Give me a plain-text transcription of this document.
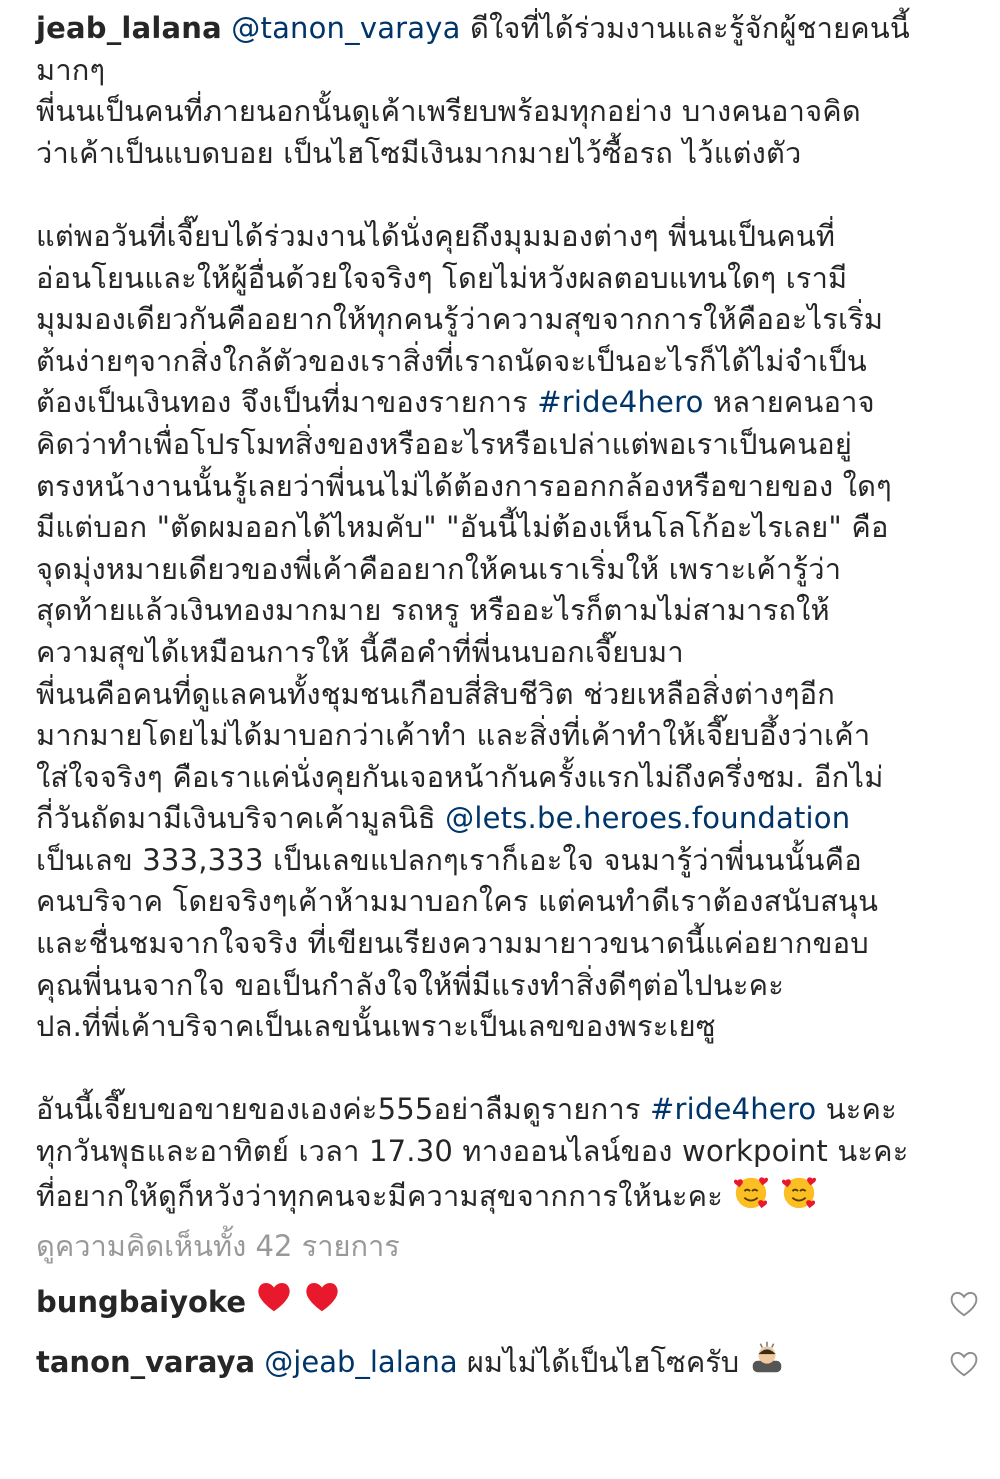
jeab_lalana @tanon_varaya ดีใจที่ได้ร่วมงานและรู้จักผู้ชายคนนี้
มากๆ
พี่นนเป็นคนที่ภายนอกนั้นดูเค้าเพรียบพร้อมทุกอย่าง บางคนอาจคิด
ว่าเค้าเป็นแบดบอย เป็นไฮโซมีเงินมากมายไว้ซื้อรถ ไว้แต่งตัว
แต่พอวันที่เจี๊ยบได้ร่วมงานได้นั่งคุยถึงมุมมองต่างๆ พี่นนเป็นคนที่
อ่อนโยนและให้ผู้อื่นด้วยใจจริงๆ โดยไม่หวังผลตอบแทนใดๆ เรามี
มุมมองเดียวกันคืออยากให้ทุกคนรู้ว่าความสุขจากการให้คืออะไรเริ่ม
ต้นง่ายๆจากสิ่งใกล้ตัวของเราสิ่งที่เราถนัดจะเป็นอะไรก็ได้ไม่จำเป็น
ต้องเป็นเงินทอง จึงเป็นที่มาของรายการ #ride4hero หลายคนอาจ
คิดว่าทำเพื่อโปรโมทสิ่งของหรืออะไรหรือเปล่าแต่พอเราเป็นคนอยู่
ตรงหน้างานนั้นรู้เลยว่าพี่นนไม่ได้ต้องการออกกล้องหรือขายของ ใดๆ
มีแต่บอก "ตัดผมออกได้ไหมคับ" "อันนี้ไม่ต้องเห็นโลโก้อะไรเลย" คือ
จุดมุ่งหมายเดียวของพี่เค้าคืออยากให้คนเราเริ่มให้ เพราะเค้ารู้ว่า
สุดท้ายแล้วเงินทองมากมาย รถหรู หรืออะไรก็ตามไม่สามารถให้
ความสุขได้เหมือนการให้ นี้คือคำที่พี่นนบอกเจี๊ยบมา
พี่นนคือคนที่ดูแลคนทั้งชุมชนเกือบสี่สิบชีวิต ช่วยเหลือสิ่งต่างๆอีก
มากมายโดยไม่ได้มาบอกว่าเค้าทำ และสิ่งที่เค้าทำให้เจี๊ยบอึ้งว่าเค้า
ใส่ใจจริงๆ คือเราแค่นั่งคุยกันเจอหน้ากันครั้งแรกไม่ถึงครึ่งชม. อีกไม่
กี่วันถัดมามีเงินบริจาคเค้ามูลนิธิ @lets.be.heroes.foundation
เป็นเลข 333,333 เป็นเลขแปลกๆเราก็เอะใจ จนมารู้ว่าพี่นนนั้นคือ
คนบริจาค โดยจริงๆเค้าห้ามมาบอกใคร แต่คนทำดีเราต้องสนับสนุน
และชื่นชมจากใจจริง ที่เขียนเรียงความมายาวขนาดนี้แค่อยากขอบ
คุณพี่นนจากใจ ขอเป็นกำลังใจให้พี่มีแรงทำสิ่งดีๆต่อไปนะคะ
ปล.ที่พี่เค้าบริจาคเป็นเลขนั้นเพราะเป็นเลขของพระเยซู
อันนี้เจี๊ยบขอขายของเองค่ะ555อย่าลืมดูรายการ #ride4hero นะคะ
ทุกวันพุธและอาทิตย์ เวลา 17.30 ทางออนไลน์ของ workpoint นะคะ
ที่อยากให้ดูก็หวังว่าทุกคนจะมีความสุขจากการให้นะคะ
ดูความคิดเห็นทั้ง 42 รายการ
bungbaiyoke
tanon_varaya @jeab_lalana ผมไม่ได้เป็นไฮโซครับ
